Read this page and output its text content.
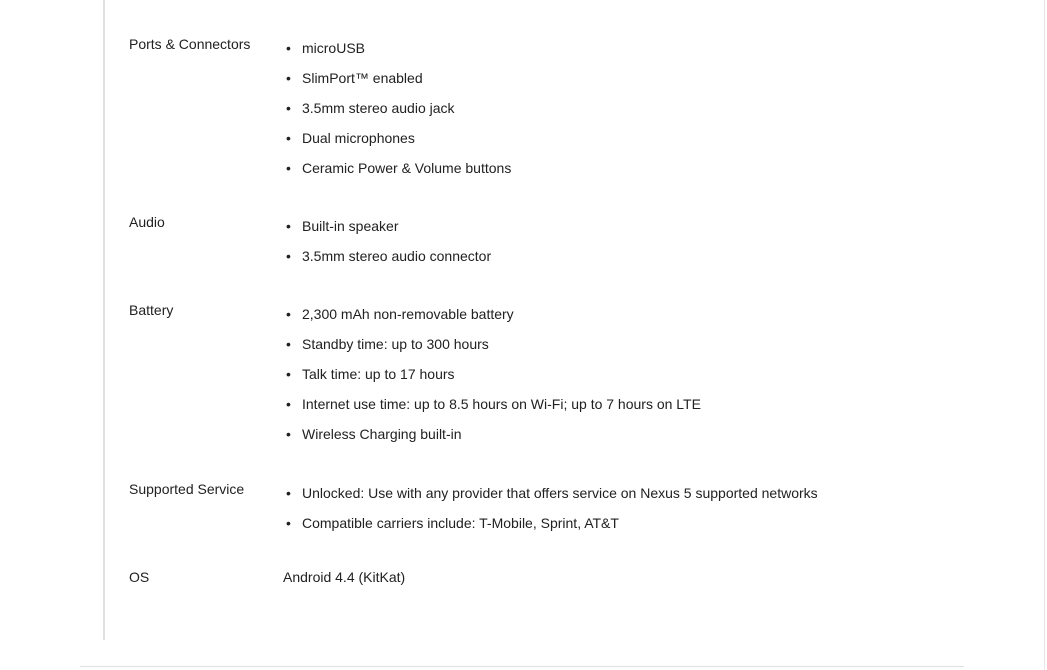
Ports & Connectors	• microUSB
• SlimPort™ enabled
• 3.5mm stereo audio jack
• Dual microphones
• Ceramic Power & Volume buttons
Audio	• Built-in speaker
• 3.5mm stereo audio connector
Battery	• 2,300 mAh non-removable battery
• Standby time: up to 300 hours
• Talk time: up to 17 hours
• Internet use time: up to 8.5 hours on Wi-Fi; up to 7 hours on LTE
• Wireless Charging built-in
Supported Service	• Unlocked: Use with any provider that offers service on Nexus 5 supported networks
• Compatible carriers include: T-Mobile, Sprint, AT&T
OS	Android 4.4 (KitKat)
